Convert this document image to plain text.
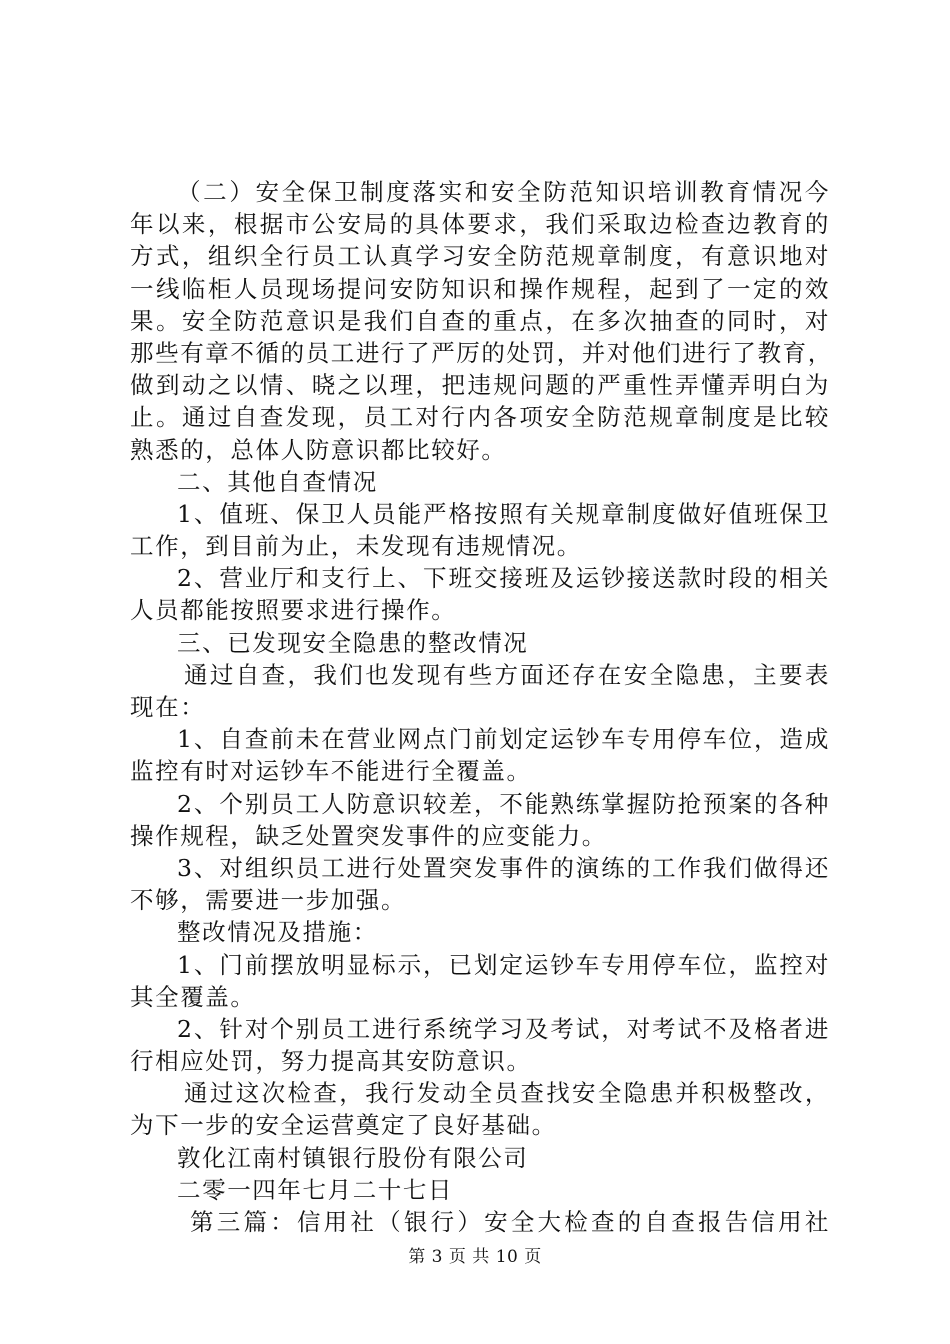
（二）安全保卫制度落实和安全防范知识培训教育情况今
年以来，根据市公安局的具体要求，我们采取边检查边教育的
方式，组织全行员工认真学习安全防范规章制度，有意识地对
一线临柜人员现场提问安防知识和操作规程，起到了一定的效
果。安全防范意识是我们自查的重点，在多次抽查的同时，对
那些有章不循的员工进行了严厉的处罚，并对他们进行了教育，
做到动之以情、晓之以理，把违规问题的严重性弄懂弄明白为
止。通过自查发现，员工对行内各项安全防范规章制度是比较
熟悉的，总体人防意识都比较好。
二、其他自查情况
1、值班、保卫人员能严格按照有关规章制度做好值班保卫
工作，到目前为止，未发现有违规情况。
2、营业厅和支行上、下班交接班及运钞接送款时段的相关
人员都能按照要求进行操作。
三、已发现安全隐患的整改情况
通过自查，我们也发现有些方面还存在安全隐患，主要表
现在：
1、自查前未在营业网点门前划定运钞车专用停车位，造成
监控有时对运钞车不能进行全覆盖。
2、个别员工人防意识较差，不能熟练掌握防抢预案的各种
操作规程，缺乏处置突发事件的应变能力。
3、对组织员工进行处置突发事件的演练的工作我们做得还
不够，需要进一步加强。
整改情况及措施：
1、门前摆放明显标示，已划定运钞车专用停车位，监控对
其全覆盖。
2、针对个别员工进行系统学习及考试，对考试不及格者进
行相应处罚，努力提高其安防意识。
通过这次检查，我行发动全员查找安全隐患并积极整改，
为下一步的安全运营奠定了良好基础。
敦化江南村镇银行股份有限公司
二零一四年七月二十七日
第三篇：信用社（银行）安全大检查的自查报告信用社
第 3 页 共 10 页
